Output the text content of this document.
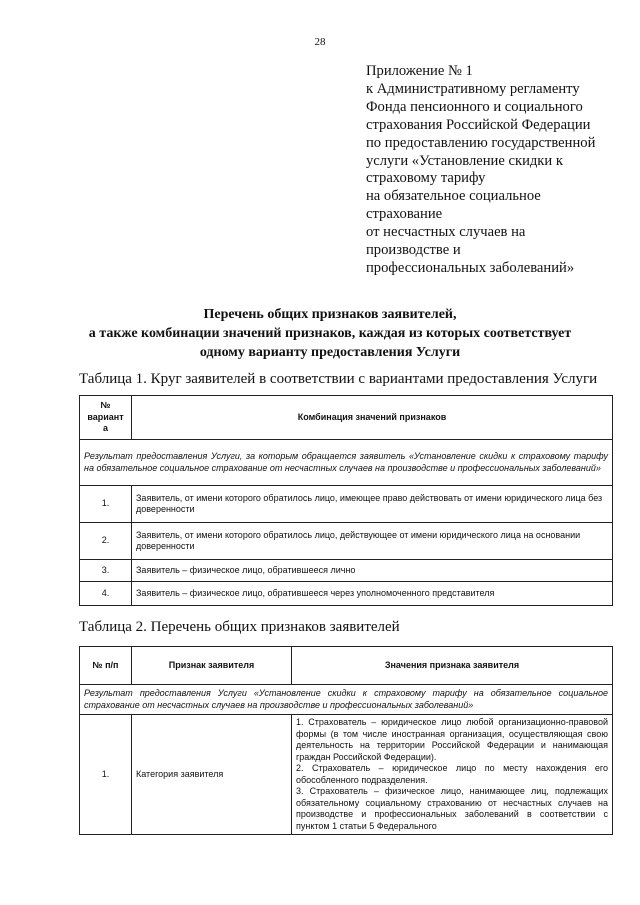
28
Приложение № 1
к Административному регламенту
Фонда пенсионного и социального
страхования Российской Федерации
по предоставлению государственной
услуги «Установление скидки к
страховому тарифу
на обязательное социальное
страхование
от несчастных случаев на
производстве и
профессиональных заболеваний»
Перечень общих признаков заявителей,
а также комбинации значений признаков, каждая из которых соответствует
одному варианту предоставления Услуги
Таблица 1. Круг заявителей в соответствии с вариантами предоставления Услуги
№ вариант а	Комбинация значений признаков
Результат предоставления Услуги, за которым обращается заявитель «Установление скидки к страховому тарифу на обязательное социальное страхование от несчастных случаев на производстве и профессиональных заболеваний»	
1.	Заявитель, от имени которого обратилось лицо, имеющее право действовать от имени юридического лица без доверенности
2.	Заявитель, от имени которого обратилось лицо, действующее от имени юридического лица на основании доверенности
3.	Заявитель – физическое лицо, обратившееся лично
4.	Заявитель – физическое лицо, обратившееся через уполномоченного представителя
Таблица 2. Перечень общих признаков заявителей
№ п/п	Признак заявителя	Значения признака заявителя
Результат предоставления Услуги «Установление скидки к страховому тарифу на обязательное социальное страхование от несчастных случаев на производстве и профессиональных заболеваний»		
1.	Категория заявителя	1. Страхователь – юридическое лицо любой организационно-правовой формы (в том числе иностранная организация, осуществляющая свою деятельность на территории Российской Федерации и нанимающая граждан Российской Федерации).
2. Страхователь – юридическое лицо по месту нахождения его обособленного подразделения.
3. Страхователь – физическое лицо, нанимающее лиц, подлежащих обязательному социальному страхованию от несчастных случаев на производстве и профессиональных заболеваний в соответствии с пунктом 1 статьи 5 Федерального
